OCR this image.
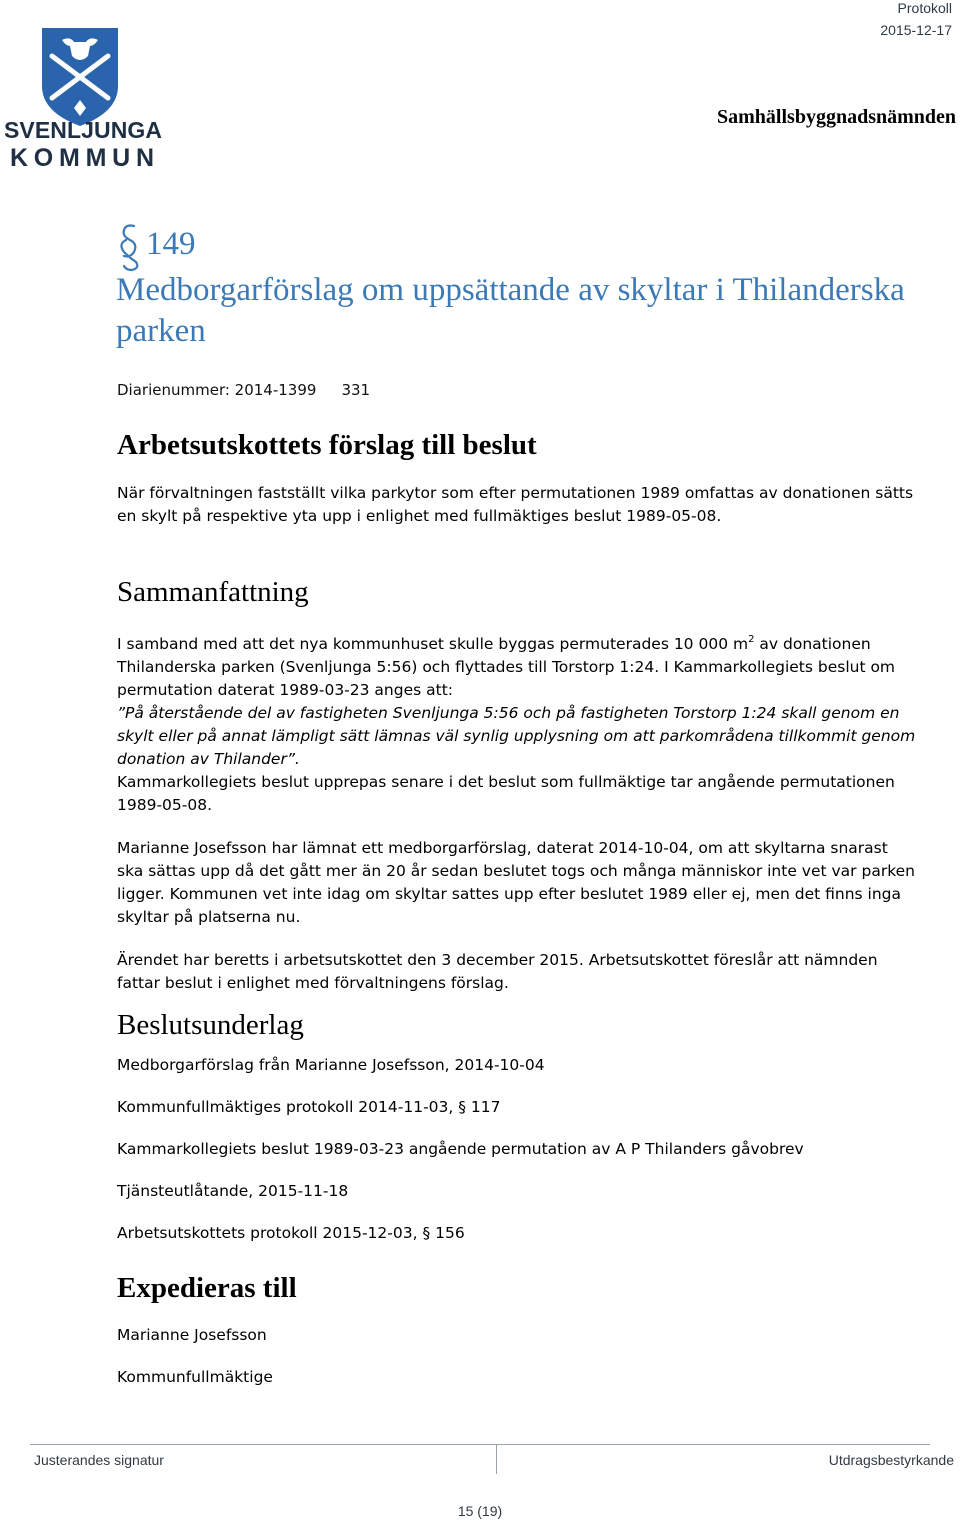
SVENLJUNGA
KOMMUN
Protokoll
2015-12-17
Samhällsbyggnadsnämnden
149
Medborgarförslag om uppsättande av skyltar i Thilanderska parken
Diarienummer: 2014-1399 331
Arbetsutskottets förslag till beslut

När förvaltningen fastställt vilka parkytor som efter permutationen 1989 omfattas av donationen sätts en skylt på respektive yta upp i enlighet med fullmäktiges beslut 1989-05-08.

Sammanfattning

I samband med att det nya kommunhuset skulle byggas permuterades 10 000 $m^2$ av donationen Thilanderska parken (Svenljunga 5:56) och flyttades till Torstorp 1:24. I Kammarkollegiets beslut om permutation daterat 1989-03-23 anges att:

”På återstående del av fastigheten Svenljunga 5:56 och på fastigheten Torstorp 1:24 skall genom en skylt eller på annat lämpligt sätt lämnas väl synlig upplysning om att parkområdena tillkommit genom donation av Thilander”.

Kammarkollegiets beslut upprepas senare i det beslut som fullmäktige tar angående permutationen 1989-05-08.

Marianne Josefsson har lämnat ett medborgarförslag, daterat 2014-10-04, om att skyltarna snarast ska sättas upp då det gått mer än 20 år sedan beslutet togs och många människor inte vet var parken ligger. Kommunen vet inte idag om skyltar sattes upp efter beslutet 1989 eller ej, men det finns inga skyltar på platserna nu.

Ärendet har beretts i arbetsutskottet den 3 december 2015. Arbetsutskottet föreslår att nämnden fattar beslut i enlighet med förvaltningens förslag.

Beslutsunderlag

Medborgarförslag från Marianne Josefsson, 2014-10-04

Kommunfullmäktiges protokoll 2014-11-03, § 117

Kammarkollegiets beslut 1989-03-23 angående permutation av A P Thilanders gåvobrev

Tjänsteutlåtande, 2015-11-18

Arbetsutskottets protokoll 2015-12-03, § 156

Expedieras till

Marianne Josefsson

Kommunfullmäktige

Justerandes signatur	Utdragsbestyrkande
15 (19)
